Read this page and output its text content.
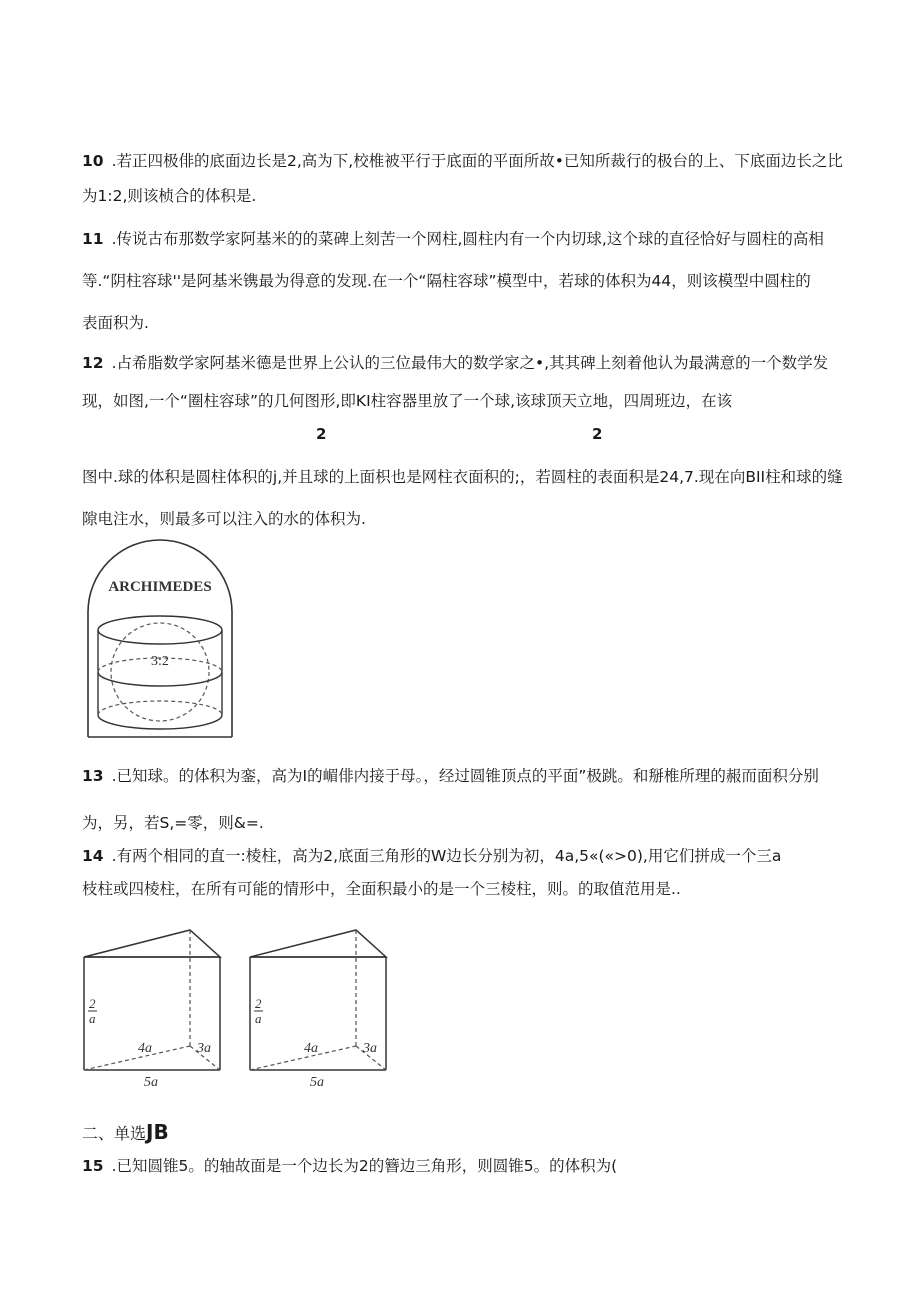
10 .若正四极俳的底面边长是2,高为下,校椎被平行于底面的平面所故•已知所裁行的极台的上、下底面边长之比
为1:2,则该桢合的体积是.
11 .传说古布那数学家阿基米的的菜碑上刻苦一个网柱,圆柱内有一个内切球,这个球的直径恰好与圆柱的高相
等.“阴柱容球''是阿基米镌最为得意的发现.在一个“隔柱容球”模型中，若球的体积为44，则该模型中圆柱的
表面积为.
12 .占希脂数学家阿基米德是世界上公认的三位最伟大的数学家之•,其其碑上刻着他认为最满意的一个数学发
现，如图,一个“圈柱容球”的几何图形,即KI柱容器里放了一个球,该球顶天立地，四周班边，在该
2	2
图中.球的体积是圆柱体积的j,并且球的上面枳也是网柱衣面积的;，若圆柱的表面积是24,7.现在向BII柱和球的缝
隙电注水，则最多可以注入的水的体积为.
ARCHIMEDES
3:2
13 .已知球。的体积为銮，高为I的嵋俳内接于母。，经过圆锥顶点的平面”极跳。和掰椎所理的赧而面积分别
为，另，若S,=零，则&=.
14 .有两个相同的直一:棱柱，高为2,底面三角形的W边长分别为初，4a,5«(«>0),用它们拼成一个三a
枝柱或四棱柱，在所有可能的情形中，全面积最小的是一个三棱柱，则。的取值范用是..
2
a
4a	3a
5a
2
a
4a	3a
5a
二、单选JB
15 .已知圆锥5。的轴故面是一个边长为2的簪边三角形，则圆锥5。的体积为(
